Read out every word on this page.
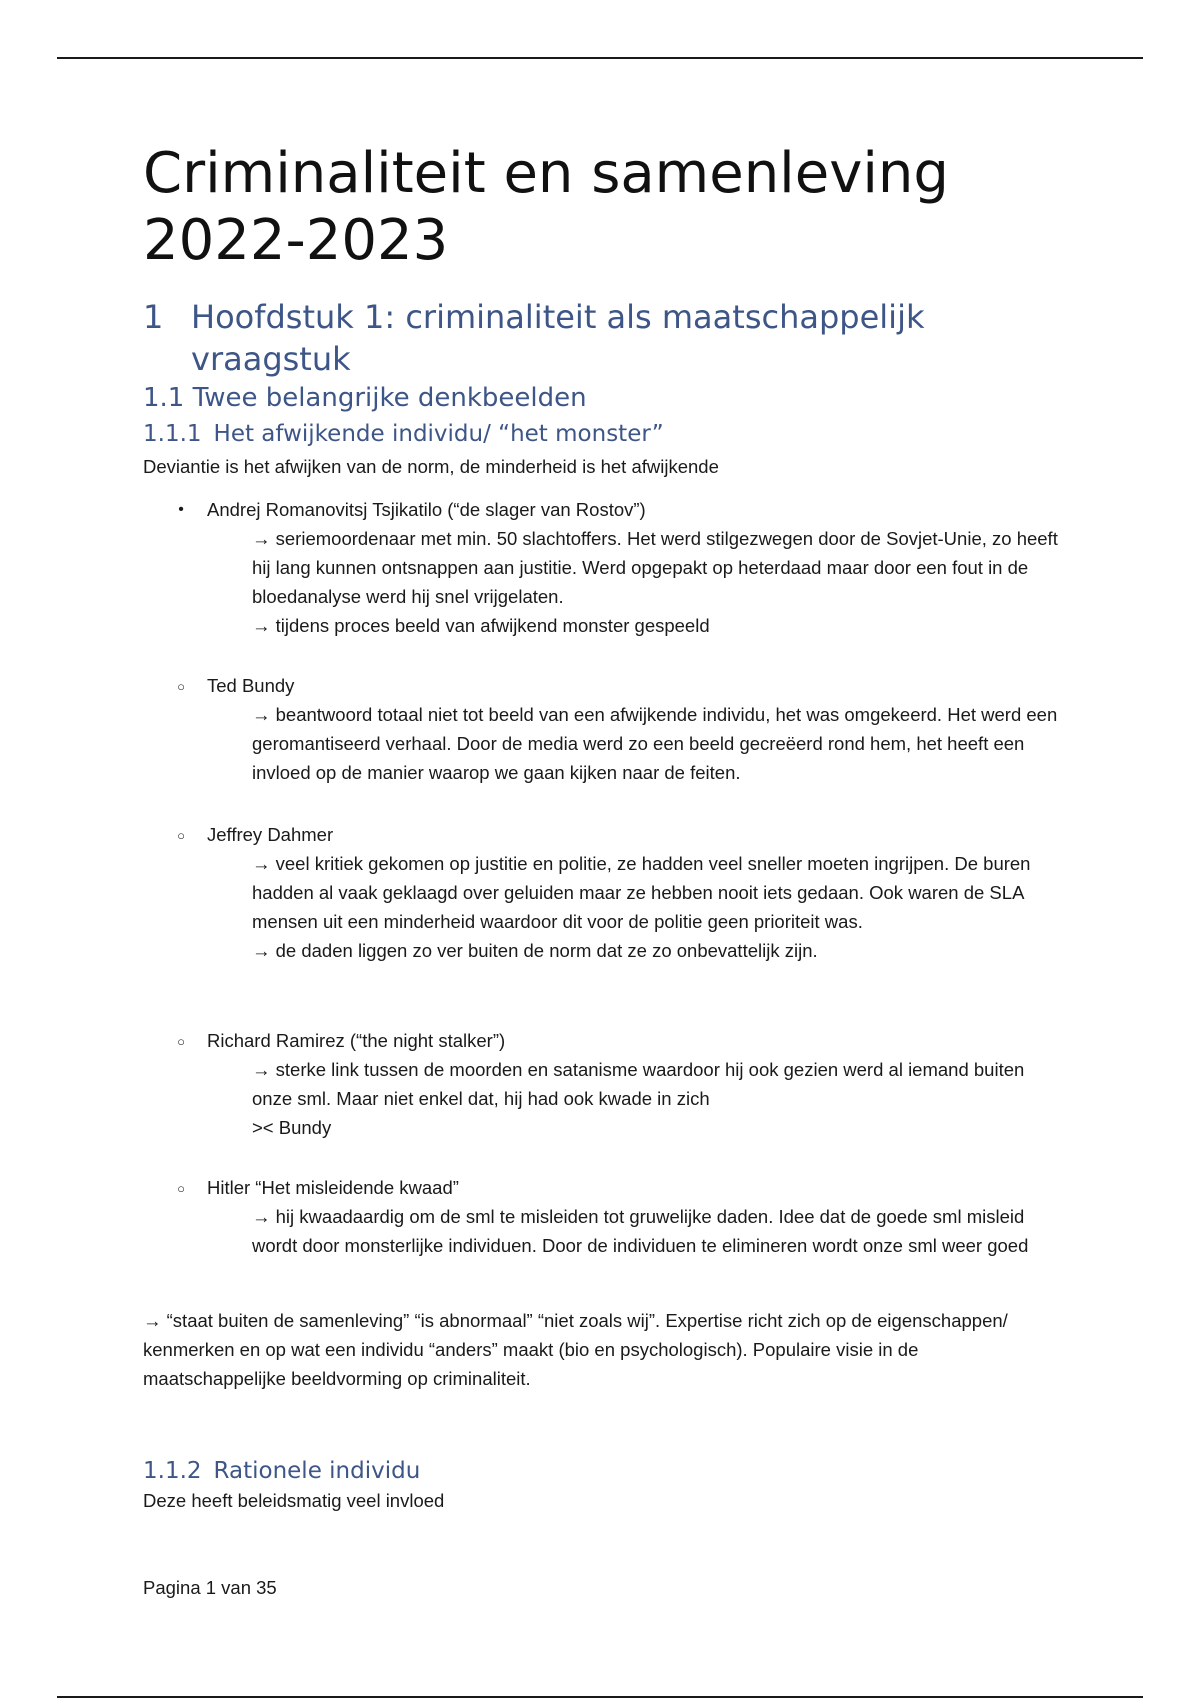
Criminaliteit en samenleving 2022-2023
1 Hoofdstuk 1: criminaliteit als maatschappelijk vraagstuk
1.1 Twee belangrijke denkbeelden
1.1.1 Het afwijkende individu/ “het monster”
Deviantie is het afwijken van de norm, de minderheid is het afwijkende
•	Andrej Romanovitsj Tsjikatilo (“de slager van Rostov”)
→ seriemoordenaar met min. 50 slachtoffers. Het werd stilgezwegen door de Sovjet-Unie, zo heeft hij lang kunnen ontsnappen aan justitie. Werd opgepakt op heterdaad maar door een fout in de bloedanalyse werd hij snel vrijgelaten.
→ tijdens proces beeld van afwijkend monster gespeeld
○	Ted Bundy
→ beantwoord totaal niet tot beeld van een afwijkende individu, het was omgekeerd. Het werd een geromantiseerd verhaal. Door de media werd zo een beeld gecreëerd rond hem, het heeft een invloed op de manier waarop we gaan kijken naar de feiten.
○	Jeffrey Dahmer
→ veel kritiek gekomen op justitie en politie, ze hadden veel sneller moeten ingrijpen. De buren hadden al vaak geklaagd over geluiden maar ze hebben nooit iets gedaan. Ook waren de SLA mensen uit een minderheid waardoor dit voor de politie geen prioriteit was.
→ de daden liggen zo ver buiten de norm dat ze zo onbevattelijk zijn.
○	Richard Ramirez (“the night stalker”)
→ sterke link tussen de moorden en satanisme waardoor hij ook gezien werd al iemand buiten onze sml. Maar niet enkel dat, hij had ook kwade in zich
>< Bundy
○	Hitler “Het misleidende kwaad”
→ hij kwaadaardig om de sml te misleiden tot gruwelijke daden. Idee dat de goede sml misleid wordt door monsterlijke individuen. Door de individuen te elimineren wordt onze sml weer goed
→ “staat buiten de samenleving” “is abnormaal” “niet zoals wij”. Expertise richt zich op de eigenschappen/ kenmerken en op wat een individu “anders” maakt (bio en psychologisch). Populaire visie in de maatschappelijke beeldvorming op criminaliteit.
1.1.2 Rationele individu
Deze heeft beleidsmatig veel invloed
Pagina 1 van 35
